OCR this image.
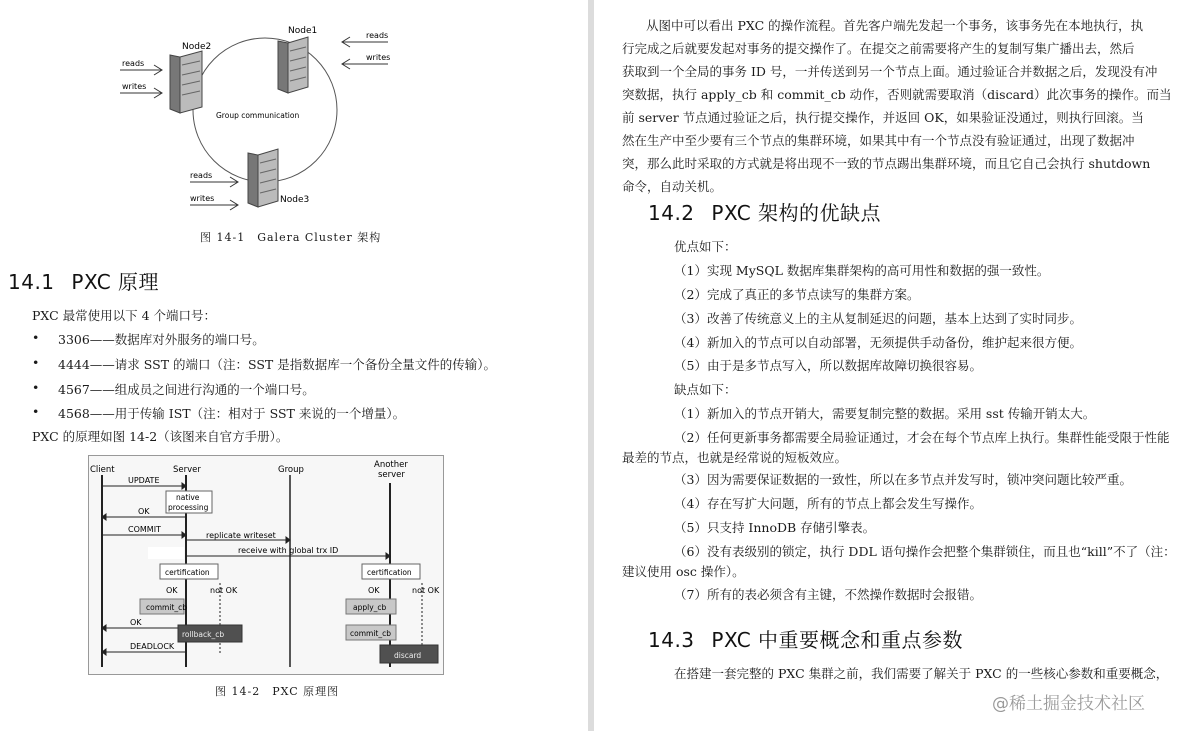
Node2
Node1
Node3
reads
writes
reads
writes
reads
writes
Group communication
图 14-1　Galera Cluster 架构
14.1 PXC 原理
PXC 最常使用以下 4 个端口号：
• 3306——数据库对外服务的端口号。
• 4444——请求 SST 的端口（注：SST 是指数据库一个备份全量文件的传输）。
• 4567——组成员之间进行沟通的一个端口号。
• 4568——用于传输 IST（注：相对于 SST 来说的一个增量）。
PXC 的原理如图 14-2（该图来自官方手册）。
Client	Server	Group	Another
server
UPDATE
OK
COMMIT
replicate writeset
receive with global trx ID
native
processing
certification
OK	not OK
commit_cb
rollback_cb
OK
DEADLOCK
certification
OK	not OK
apply_cb
commit_cb
discard
图 14-2　PXC 原理图
从图中可以看出 PXC 的操作流程。首先客户端先发起一个事务，该事务先在本地执行，执
行完成之后就要发起对事务的提交操作了。在提交之前需要将产生的复制写集广播出去，然后
获取到一个全局的事务 ID 号，一并传送到另一个节点上面。通过验证合并数据之后，发现没有冲
突数据，执行 apply_cb 和 commit_cb 动作，否则就需要取消（discard）此次事务的操作。而当
前 server 节点通过验证之后，执行提交操作，并返回 OK，如果验证没通过，则执行回滚。当
然在生产中至少要有三个节点的集群环境，如果其中有一个节点没有验证通过，出现了数据冲
突，那么此时采取的方式就是将出现不一致的节点踢出集群环境，而且它自己会执行 shutdown
命令，自动关机。
14.2 PXC 架构的优缺点
优点如下：
（1）实现 MySQL 数据库集群架构的高可用性和数据的强一致性。
（2）完成了真正的多节点读写的集群方案。
（3）改善了传统意义上的主从复制延迟的问题，基本上达到了实时同步。
（4）新加入的节点可以自动部署，无须提供手动备份，维护起来很方便。
（5）由于是多节点写入，所以数据库故障切换很容易。
缺点如下：
（1）新加入的节点开销大，需要复制完整的数据。采用 sst 传输开销太大。
（2）任何更新事务都需要全局验证通过，才会在每个节点库上执行。集群性能受限于性能
最差的节点，也就是经常说的短板效应。
（3）因为需要保证数据的一致性，所以在多节点并发写时，锁冲突问题比较严重。
（4）存在写扩大问题，所有的节点上都会发生写操作。
（5）只支持 InnoDB 存储引擎表。
（6）没有表级别的锁定，执行 DDL 语句操作会把整个集群锁住，而且也“kill”不了（注：
建议使用 osc 操作）。
（7）所有的表必须含有主键，不然操作数据时会报错。
14.3 PXC 中重要概念和重点参数
在搭建一套完整的 PXC 集群之前，我们需要了解关于 PXC 的一些核心参数和重要概念，
@稀土掘金技术社区
